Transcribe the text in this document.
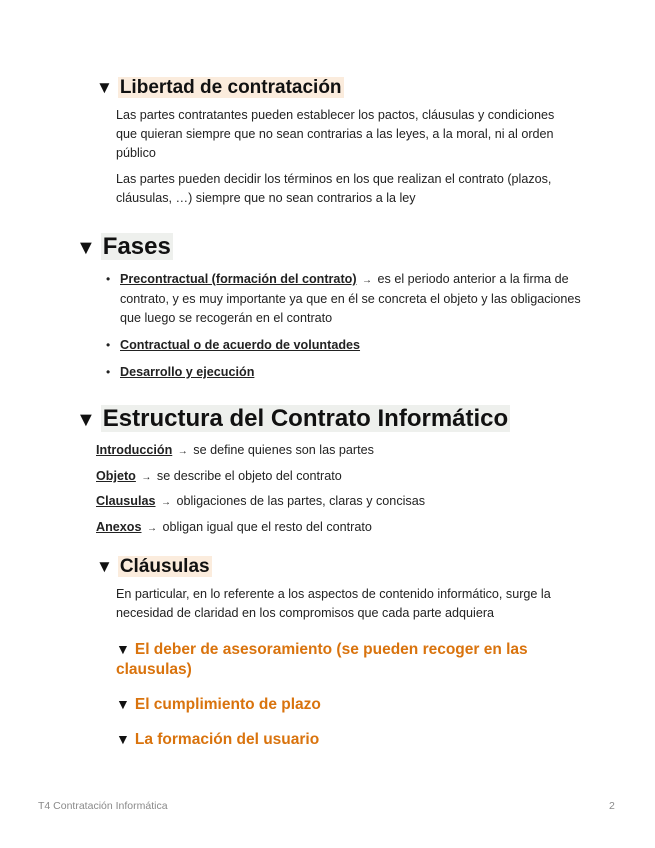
▼ Libertad de contratación
Las partes contratantes pueden establecer los pactos, cláusulas y condiciones que quieran siempre que no sean contrarias a las leyes, a la moral, ni al orden público
Las partes pueden decidir los términos en los que realizan el contrato (plazos, cláusulas, …) siempre que no sean contrarios a la ley
▼ Fases
• Precontractual (formación del contrato) → es el periodo anterior a la firma de contrato, y es muy importante ya que en él se concreta el objeto y las obligaciones que luego se recogerán en el contrato
• Contractual o de acuerdo de voluntades
• Desarrollo y ejecución
▼ Estructura del Contrato Informático
Introducción → se define quienes son las partes
Objeto → se describe el objeto del contrato
Clausulas → obligaciones de las partes, claras y concisas
Anexos → obligan igual que el resto del contrato
▼ Cláusulas
En particular, en lo referente a los aspectos de contenido informático, surge la necesidad de claridad en los compromisos que cada parte adquiera
▼ El deber de asesoramiento (se pueden recoger en las clausulas)
▼ El cumplimiento de plazo
▼ La formación del usuario
T4 Contratación Informática	2
